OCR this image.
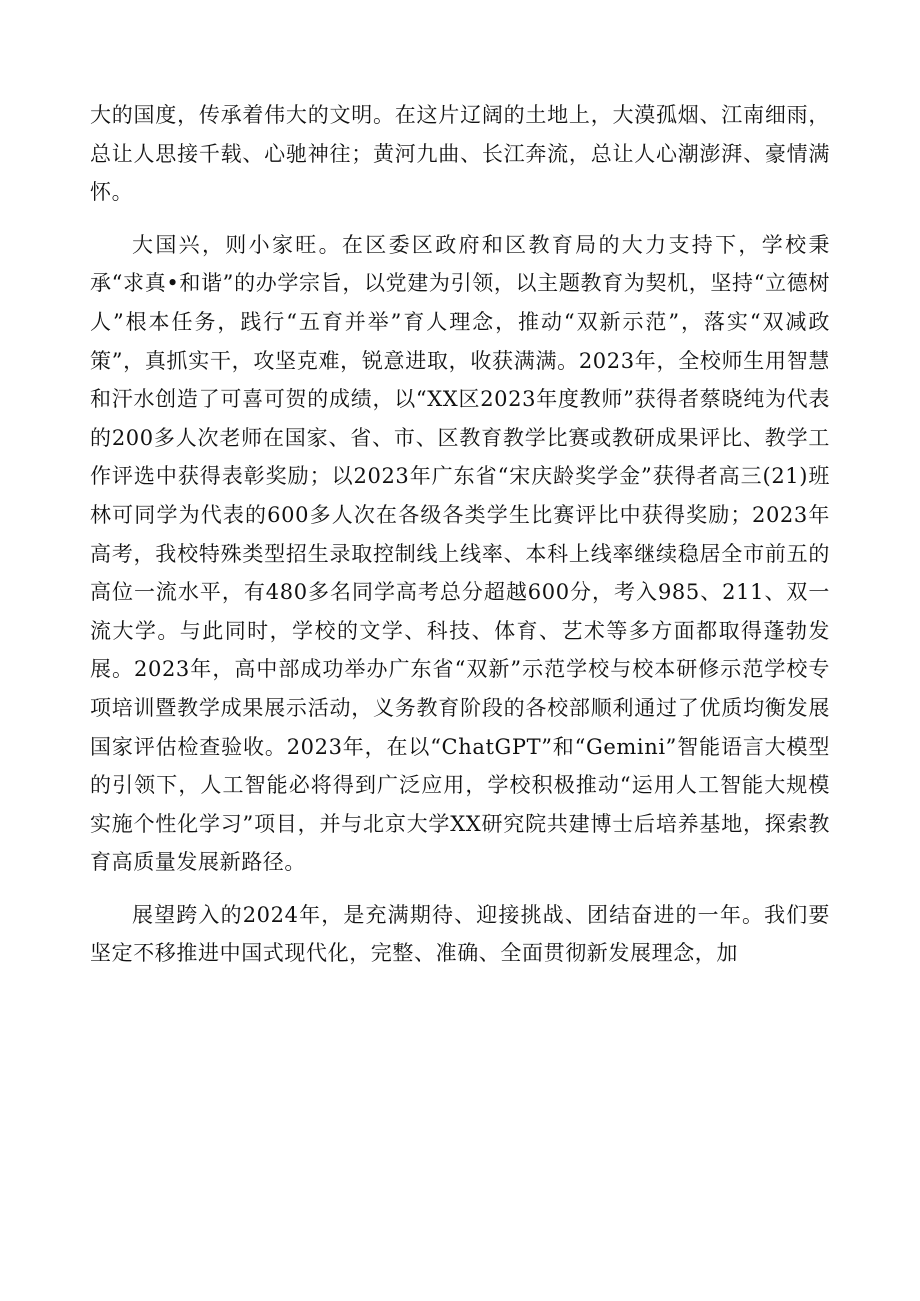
大的国度，传承着伟大的文明。在这片辽阔的土地上，大漠孤烟、江南细雨，总让人思接千载、心驰神往；黄河九曲、长江奔流，总让人心潮澎湃、豪情满怀。

大国兴，则小家旺。在区委区政府和区教育局的大力支持下，学校秉承“求真•和谐”的办学宗旨，以党建为引领，以主题教育为契机，坚持“立德树人”根本任务，践行“五育并举”育人理念，推动“双新示范”，落实“双减政策”，真抓实干，攻坚克难，锐意进取，收获满满。2023年，全校师生用智慧和汗水创造了可喜可贺的成绩，以“XX区2023年度教师”获得者蔡晓纯为代表的200多人次老师在国家、省、市、区教育教学比赛或教研成果评比、教学工作评选中获得表彰奖励；以2023年广东省“宋庆龄奖学金”获得者高三(21)班林可同学为代表的600多人次在各级各类学生比赛评比中获得奖励；2023年高考，我校特殊类型招生录取控制线上线率、本科上线率继续稳居全市前五的高位一流水平，有480多名同学高考总分超越600分，考入985、211、双一流大学。与此同时，学校的文学、科技、体育、艺术等多方面都取得蓬勃发展。2023年，高中部成功举办广东省“双新”示范学校与校本研修示范学校专项培训暨教学成果展示活动，义务教育阶段的各校部顺利通过了优质均衡发展国家评估检查验收。2023年，在以“ChatGPT”和“Gemini”智能语言大模型的引领下，人工智能必将得到广泛应用，学校积极推动“运用人工智能大规模实施个性化学习”项目，并与北京大学XX研究院共建博士后培养基地，探索教育高质量发展新路径。

展望跨入的2024年，是充满期待、迎接挑战、团结奋进的一年。我们要坚定不移推进中国式现代化，完整、准确、全面贯彻新发展理念，加
